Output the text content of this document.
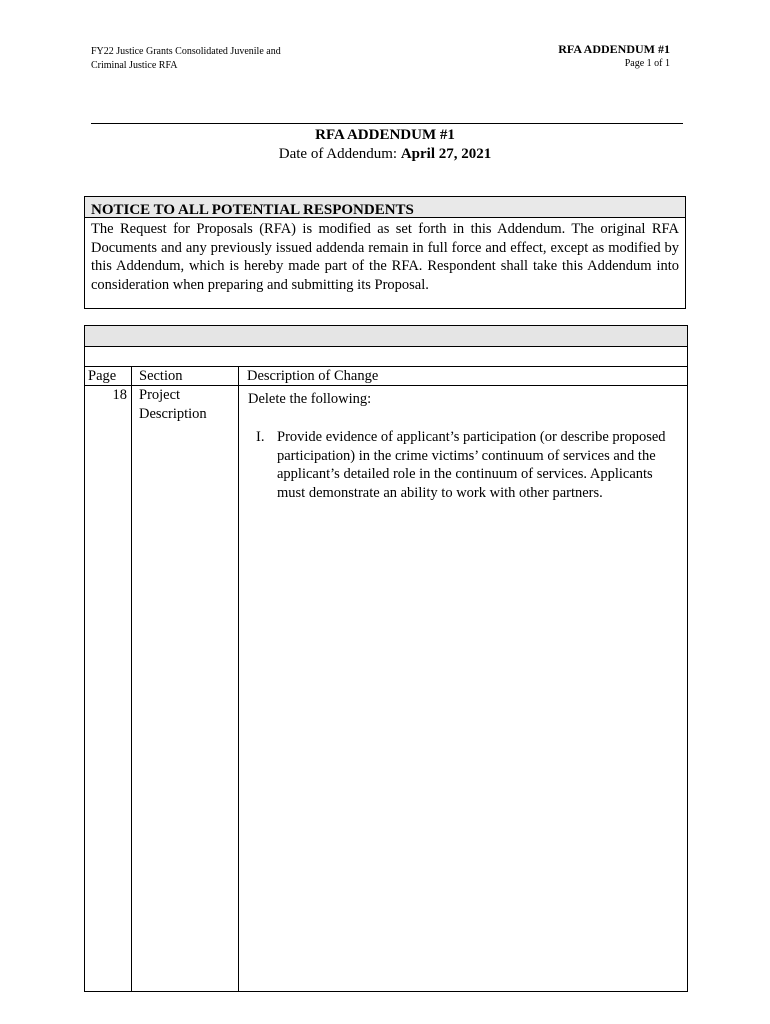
FY22 Justice Grants Consolidated Juvenile and
Criminal Justice RFA
RFA ADDENDUM #1
Page 1 of 1
RFA ADDENDUM #1
Date of Addendum: April 27, 2021
NOTICE TO ALL POTENTIAL RESPONDENTS
The Request for Proposals (RFA) is modified as set forth in this Addendum. The original RFA Documents and any previously issued addenda remain in full force and effect, except as modified by this Addendum, which is hereby made part of the RFA. Respondent shall take this Addendum into consideration when preparing and submitting its Proposal.
Page Section	Description of Change
18 Project Description
Delete the following:
I. Provide evidence of applicant’s participation (or describe proposed participation) in the crime victims’ continuum of services and the applicant’s detailed role in the continuum of services. Applicants must demonstrate an ability to work with other partners.
